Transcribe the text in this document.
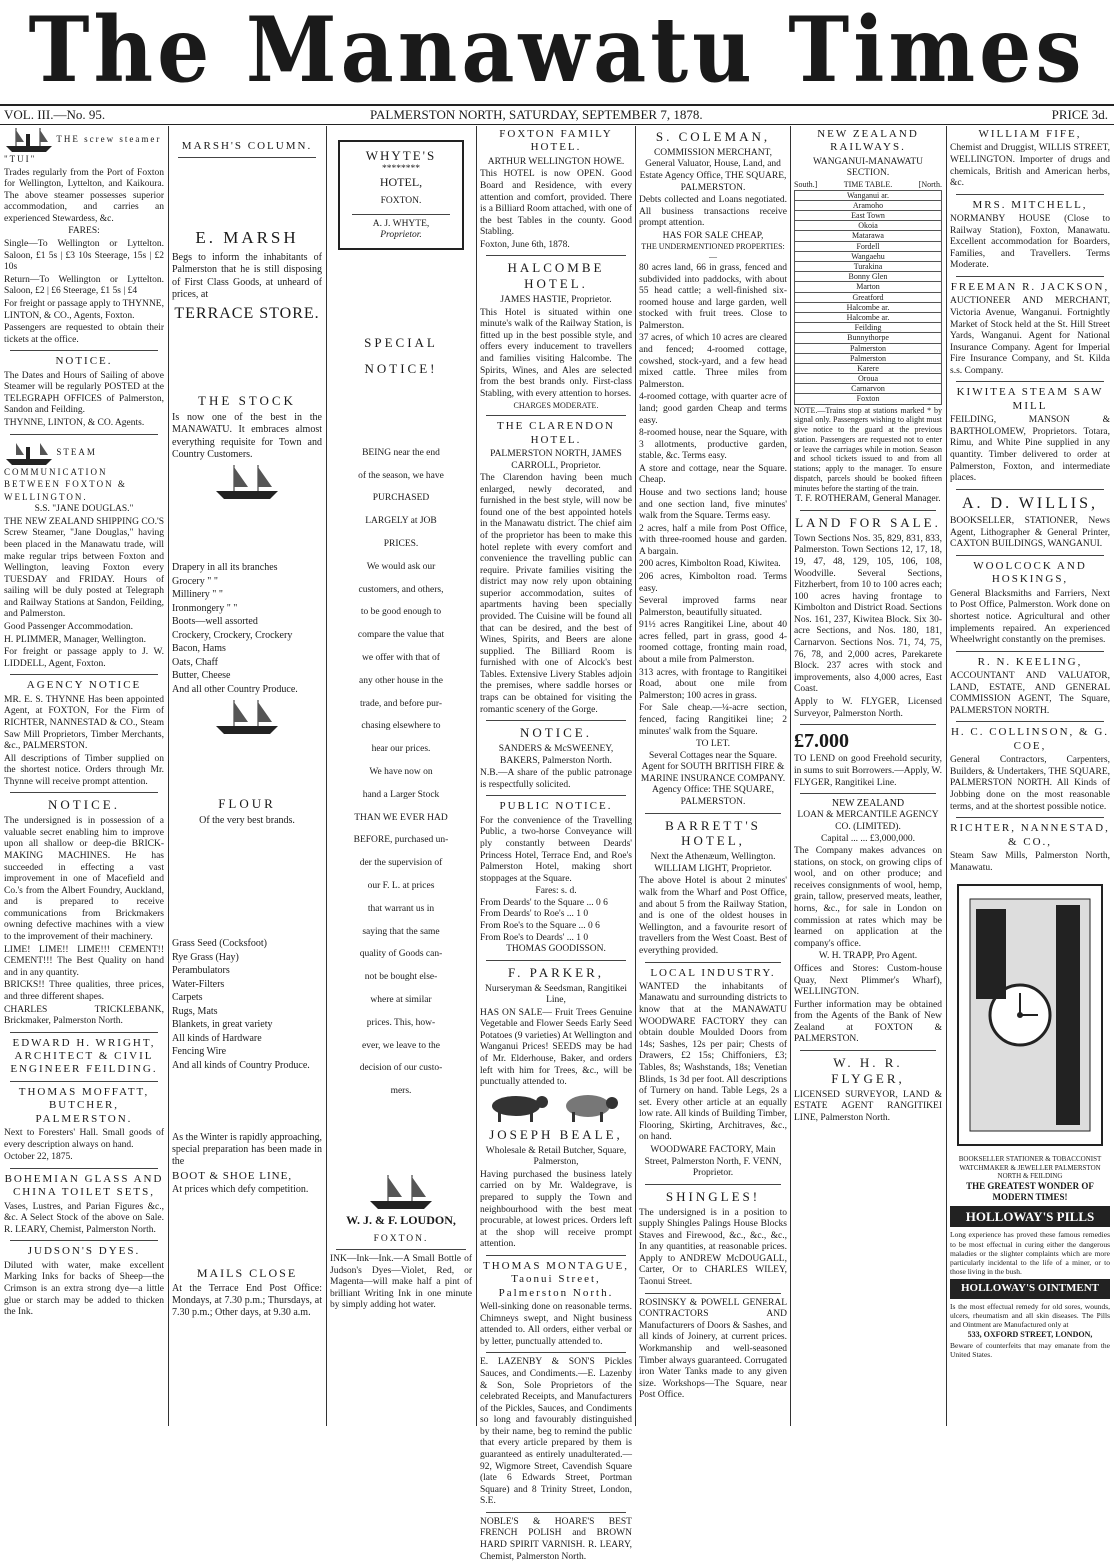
The Manawatu Times
VOL. III.—No. 95.	PALMERSTON NORTH, SATURDAY, SEPTEMBER 7, 1878.	PRICE 3d.
THE screw steamer "TUI"

Trades regularly from the Port of Foxton for Wellington, Lyttelton, and Kaikoura. The above steamer possesses superior accommodation, and carries an experienced Stewardess, &c.

FARES:

Single—To Wellington or Lyttelton. Saloon, £1 5s | £3 10s Steerage, 15s | £2 10s

Return—To Wellington or Lyttelton. Saloon, £2 | £6 Steerage, £1 5s | £4

For freight or passage apply to THYNNE, LINTON, & CO., Agents, Foxton.

Passengers are requested to obtain their tickets at the office.

NOTICE.

The Dates and Hours of Sailing of above Steamer will be regularly POSTED at the TELEGRAPH OFFICES of Palmerston, Sandon and Feilding.

THYNNE, LINTON, & CO. Agents.

STEAM COMMUNICATION BETWEEN FOXTON & WELLINGTON.
S.S. "JANE DOUGLAS."

THE NEW ZEALAND SHIPPING CO.'S Screw Steamer, "Jane Douglas," having been placed in the Manawatu trade, will make regular trips between Foxton and Wellington, leaving Foxton every TUESDAY and FRIDAY. Hours of sailing will be duly posted at Telegraph and Railway Stations at Sandon, Feilding, and Palmerston.

Good Passenger Accommodation.

H. PLIMMER, Manager, Wellington.

For freight or passage apply to J. W. LIDDELL, Agent, Foxton.

AGENCY NOTICE

MR. E. S. THYNNE Has been appointed Agent, at FOXTON, For the Firm of RICHTER, NANNESTAD & CO., Steam Saw Mill Proprietors, Timber Merchants, &c., PALMERSTON.

All descriptions of Timber supplied on the shortest notice. Orders through Mr. Thynne will receive prompt attention.

NOTICE.

The undersigned is in possession of a valuable secret enabling him to improve upon all shallow or deep-die BRICK-MAKING MACHINES. He has succeeded in effecting a vast improvement in one of Macefield and Co.'s from the Albert Foundry, Auckland, and is prepared to receive communications from Brickmakers owning defective machines with a view to the improvement of their machinery.

LIME! LIME!! LIME!!! CEMENT!! CEMENT!!! The Best Quality on hand and in any quantity.

BRICKS!! Three qualities, three prices, and three different shapes.

CHARLES TRICKLEBANK, Brickmaker, Palmerston North.

EDWARD H. WRIGHT, ARCHITECT & CIVIL ENGINEER FEILDING.
THOMAS MOFFATT, BUTCHER, PALMERSTON.

Next to Foresters' Hall. Small goods of every description always on hand.

October 22, 1875.

BOHEMIAN GLASS AND CHINA TOILET SETS,

Vases, Lustres, and Parian Figures &c., &c. A Select Stock of the above on Sale. R. LEARY, Chemist, Palmerston North.

JUDSON'S DYES.

Diluted with water, make excellent Marking Inks for backs of Sheep—the Crimson is an extra strong dye—a little glue or starch may be added to thicken the Ink.

MARSH'S COLUMN.
E. MARSH

Begs to inform the inhabitants of Palmerston that he is still disposing of First Class Goods, at unheard of prices, at

TERRACE STORE.
THE STOCK

Is now one of the best in the MANAWATU. It embraces almost everything requisite for Town and Country Customers.

Drapery in all its branches
Grocery " "
Millinery " "
Ironmongery " "
Boots—well assorted
Crockery, Crockery, Crockery
Bacon, Hams
Oats, Chaff
Butter, Cheese
And all other Country Produce.
FLOUR
Of the very best brands.
Grass Seed (Cocksfoot)
Rye Grass (Hay)
Perambulators
Water-Filters
Carpets
Rugs, Mats
Blankets, in great variety
All kinds of Hardware
Fencing Wire
And all kinds of Country Produce.

As the Winter is rapidly approaching, special preparation has been made in the

BOOT & SHOE LINE,

At prices which defy competition.

MAILS CLOSE

At the Terrace End Post Office: Mondays, at 7.30 p.m.; Thursdays, at 7.30 p.m.; Other days, at 9.30 a.m.

WHYTE'S
********
HOTEL,
FOXTON.
A. J. WHYTE,
Proprietor.
SPECIAL NOTICE!
BEING near the end
of the season, we have
PURCHASED
LARGELY at JOB
PRICES.
We would ask our
customers, and others,
to be good enough to
compare the value that
we offer with that of
any other house in the
trade, and before pur-
chasing elsewhere to
hear our prices.
We have now on
hand a Larger Stock
THAN WE EVER HAD
BEFORE, purchased un-
der the supervision of
our F. L. at prices
that warrant us in
saying that the same
quality of Goods can-
not be bought else-
where at similar
prices. This, how-
ever, we leave to the
decision of our custo-
mers.
W. J. & F. LOUDON,
FOXTON.

INK—Ink—Ink.—A Small Bottle of Judson's Dyes—Violet, Red, or Magenta—will make half a pint of brilliant Writing Ink in one minute by simply adding hot water.

FOXTON FAMILY HOTEL.
ARTHUR WELLINGTON HOWE.

This HOTEL is now OPEN. Good Board and Residence, with every attention and comfort, provided. There is a Billiard Room attached, with one of the best Tables in the county. Good Stabling.

Foxton, June 6th, 1878.

HALCOMBE HOTEL.
JAMES HASTIE, Proprietor.

This Hotel is situated within one minute's walk of the Railway Station, is fitted up in the best possible style, and offers every inducement to travellers and families visiting Halcombe. The Spirits, Wines, and Ales are selected from the best brands only. First-class Stabling, with every attention to horses.

CHARGES MODERATE.
THE CLARENDON HOTEL.
PALMERSTON NORTH, JAMES CARROLL, Proprietor.

The Clarendon having been much enlarged, newly decorated, and furnished in the best style, will now be found one of the best appointed hotels in the Manawatu district. The chief aim of the proprietor has been to make this hotel replete with every comfort and convenience the travelling public can require. Private families visiting the district may now rely upon obtaining superior accommodation, suites of apartments having been specially provided. The Cuisine will be found all that can be desired, and the best of Wines, Spirits, and Beers are alone supplied. The Billiard Room is furnished with one of Alcock's best Tables. Extensive Livery Stables adjoin the premises, where saddle horses or traps can be obtained for visiting the romantic scenery of the Gorge.

NOTICE.
SANDERS & McSWEENEY, BAKERS, Palmerston North.

N.B.—A share of the public patronage is respectfully solicited.

PUBLIC NOTICE.

For the convenience of the Travelling Public, a two-horse Conveyance will ply constantly between Deards' Princess Hotel, Terrace End, and Roe's Palmerston Hotel, making short stoppages at the Square.

Fares: s. d.
From Deards' to the Square ... 0 6
From Deards' to Roe's ... 1 0
From Roe's to the Square ... 0 6
From Roe's to Deards' ... 1 0
THOMAS GOODISSON.
F. PARKER,
Nurseryman & Seedsman, Rangitikei Line,

HAS ON SALE— Fruit Trees Genuine Vegetable and Flower Seeds Early Seed Potatoes (9 varieties) At Wellington and Wanganui Prices! SEEDS may be had of Mr. Elderhouse, Baker, and orders left with him for Trees, &c., will be punctually attended to.

JOSEPH BEALE,
Wholesale & Retail Butcher, Square, Palmerston,

Having purchased the business lately carried on by Mr. Waldegrave, is prepared to supply the Town and neighbourhood with the best meat procurable, at lowest prices. Orders left at the shop will receive prompt attention.

THOMAS MONTAGUE, Taonui Street, Palmerston North.

Well-sinking done on reasonable terms. Chimneys swept, and Night business attended to. All orders, either verbal or by letter, punctually attended to.

E. LAZENBY & SON'S Pickles Sauces, and Condiments.—E. Lazenby & Son, Sole Proprietors of the celebrated Receipts, and Manufacturers of the Pickles, Sauces, and Condiments so long and favourably distinguished by their name, beg to remind the public that every article prepared by them is guaranteed as entirely unadulterated.—92, Wigmore Street, Cavendish Square (late 6 Edwards Street, Portman Square) and 8 Trinity Street, London, S.E.

NOBLE'S & HOARE'S BEST FRENCH POLISH and BROWN HARD SPIRIT VARNISH. R. LEARY, Chemist, Palmerston North.

S. COLEMAN,
COMMISSION MERCHANT, General Valuator, House, Land, and Estate Agency Office, THE SQUARE, PALMERSTON.

Debts collected and Loans negotiated. All business transactions receive prompt attention.

HAS FOR SALE CHEAP,
THE UNDERMENTIONED PROPERTIES:—

80 acres land, 66 in grass, fenced and subdivided into paddocks, with about 55 head cattle; a well-finished six-roomed house and large garden, well stocked with fruit trees. Close to Palmerston.

37 acres, of which 10 acres are cleared and fenced; 4-roomed cottage, cowshed, stock-yard, and a few head mixed cattle. Three miles from Palmerston.

4-roomed cottage, with quarter acre of land; good garden Cheap and terms easy.

8-roomed house, near the Square, with 3 allotments, productive garden, stable, &c. Terms easy.

A store and cottage, near the Square. Cheap.

House and two sections land; house and one section land, five minutes' walk from the Square. Terms easy.

2 acres, half a mile from Post Office, with three-roomed house and garden. A bargain.

200 acres, Kimbolton Road, Kiwitea.

206 acres, Kimbolton road. Terms easy.

Several improved farms near Palmerston, beautifully situated.

91½ acres Rangitikei Line, about 40 acres felled, part in grass, good 4-roomed cottage, fronting main road, about a mile from Palmerston.

313 acres, with frontage to Rangitikei Road, about one mile from Palmerston; 100 acres in grass.

For Sale cheap.—¼-acre section, fenced, facing Rangitikei line; 2 minutes' walk from the Square.

TO LET.
Several Cottages near the Square.
Agent for SOUTH BRITISH FIRE & MARINE INSURANCE COMPANY.
Agency Office: THE SQUARE, PALMERSTON.
BARRETT'S HOTEL,
Next the Athenæum, Wellington. WILLIAM LIGHT, Proprietor.

The above Hotel is about 2 minutes' walk from the Wharf and Post Office, and about 5 from the Railway Station, and is one of the oldest houses in Wellington, and a favourite resort of travellers from the West Coast. Best of everything provided.

LOCAL INDUSTRY.

WANTED the inhabitants of Manawatu and surrounding districts to know that at the MANAWATU WOODWARE FACTORY they can obtain double Moulded Doors from 14s; Sashes, 12s per pair; Chests of Drawers, £2 15s; Chiffoniers, £3; Tables, 8s; Washstands, 18s; Venetian Blinds, 1s 3d per foot. All descriptions of Turnery on hand. Table Legs, 2s a set. Every other article at an equally low rate. All kinds of Building Timber, Flooring, Skirting, Architraves, &c., on hand.

WOODWARE FACTORY, Main Street, Palmerston North, F. VENN, Proprietor.
SHINGLES!

The undersigned is in a position to supply Shingles Palings House Blocks Staves and Firewood, &c., &c., &c., In any quantities, at reasonable prices. Apply to ANDREW McDOUGALL, Carter, Or to CHARLES WILEY, Taonui Street.

ROSINSKY & POWELL GENERAL CONTRACTORS AND Manufacturers of Doors & Sashes, and all kinds of Joinery, at current prices. Workmanship and well-seasoned Timber always guaranteed. Corrugated iron Water Tanks made to any given size. Workshops—The Square, near Post Office.

NEW ZEALAND RAILWAYS.
WANGANUI-MANAWATU SECTION.
South.]	TIME TABLE.	[North.
Wanganui ar.
Aramoho
East Town
Okoia
Matarawa
Fordell
Wangaehu
Turakina
Bonny Glen
Marton
Greatford
Halcombe ar.
Halcombe ar.
Feilding
Bunnythorpe
Palmerston
Palmerston
Karere
Oroua
Carnarvon
Foxton

NOTE.—Trains stop at stations marked * by signal only. Passengers wishing to alight must give notice to the guard at the previous station. Passengers are requested not to enter or leave the carriages while in motion. Season and school tickets issued to and from all stations; apply to the manager. To ensure dispatch, parcels should be booked fifteen minutes before the starting of the train.

T. F. ROTHERAM, General Manager.
LAND FOR SALE.

Town Sections Nos. 35, 829, 831, 833, Palmerston. Town Sections 12, 17, 18, 19, 47, 48, 129, 105, 106, 108, Woodville. Several Sections, Fitzherbert, from 10 to 100 acres each; 100 acres having frontage to Kimbolton and District Road. Sections Nos. 161, 237, Kiwitea Block. Six 30-acre Sections, and Nos. 180, 181, Carnarvon. Sections Nos. 71, 74, 75, 76, 78, and 2,000 acres, Parekarete Block. 237 acres with stock and improvements, also 4,000 acres, East Coast.

Apply to W. FLYGER, Licensed Surveyor, Palmerston North.

£7.000

TO LEND on good Freehold security, in sums to suit Borrowers.—Apply, W. FLYGER, Rangitikei Line.

NEW ZEALAND
LOAN & MERCANTILE AGENCY CO. (LIMITED).
Capital ... ... £3,000,000.

The Company makes advances on stations, on stock, on growing clips of wool, and on other produce; and receives consignments of wool, hemp, grain, tallow, preserved meats, leather, horns, &c., for sale in London on commission at rates which may be learned on application at the company's office.

W. H. TRAPP, Pro Agent.

Offices and Stores: Custom-house Quay, Next Plimmer's Wharf), WELLINGTON.

Further information may be obtained from the Agents of the Bank of New Zealand at FOXTON & PALMERSTON.

W. H. R. FLYGER,

LICENSED SURVEYOR, LAND & ESTATE AGENT RANGITIKEI LINE, Palmerston North.

WILLIAM FIFE,

Chemist and Druggist, WILLIS STREET, WELLINGTON. Importer of drugs and chemicals, British and American herbs, &c.

MRS. MITCHELL,

NORMANBY HOUSE (Close to Railway Station), Foxton, Manawatu. Excellent accommodation for Boarders, Families, and Travellers. Terms Moderate.

FREEMAN R. JACKSON,

AUCTIONEER AND MERCHANT, Victoria Avenue, Wanganui. Fortnightly Market of Stock held at the St. Hill Street Yards, Wanganui. Agent for National Insurance Company. Agent for Imperial Fire Insurance Company, and St. Kilda s.s. Company.

KIWITEA STEAM SAW MILL

FEILDING, MANSON & BARTHOLOMEW, Proprietors. Totara, Rimu, and White Pine supplied in any quantity. Timber delivered to order at Palmerston, Foxton, and intermediate places.

A. D. WILLIS,

BOOKSELLER, STATIONER, News Agent, Lithographer & General Printer, CAXTON BUILDINGS, WANGANUI.

WOOLCOCK AND HOSKINGS,

General Blacksmiths and Farriers, Next to Post Office, Palmerston. Work done on shortest notice. Agricultural and other implements repaired. An experienced Wheelwright constantly on the premises.

R. N. KEELING,

ACCOUNTANT AND VALUATOR, LAND, ESTATE, AND GENERAL COMMISSION AGENT, The Square, PALMERSTON NORTH.

H. C. COLLINSON, & G. COE,

General Contractors, Carpenters, Builders, & Undertakers, THE SQUARE, PALMERSTON NORTH. All Kinds of Jobbing done on the most reasonable terms, and at the shortest possible notice.

RICHTER, NANNESTAD, & CO.,

Steam Saw Mills, Palmerston North, Manawatu.

BOOKSELLER STATIONER & TOBACCONIST WATCHMAKER & JEWELLER PALMERSTON NORTH & FEILDING
THE GREATEST WONDER OF MODERN TIMES!
HOLLOWAY'S PILLS

Long experience has proved these famous remedies to be most effectual in curing either the dangerous maladies or the slighter complaints which are more particularly incidental to the life of a miner, or to those living in the bush.

HOLLOWAY'S OINTMENT

Is the most effectual remedy for old sores, wounds, ulcers, rheumatism and all skin diseases. The Pills and Ointment are Manufactured only at

533, OXFORD STREET, LONDON,

Beware of counterfeits that may emanate from the United States.
